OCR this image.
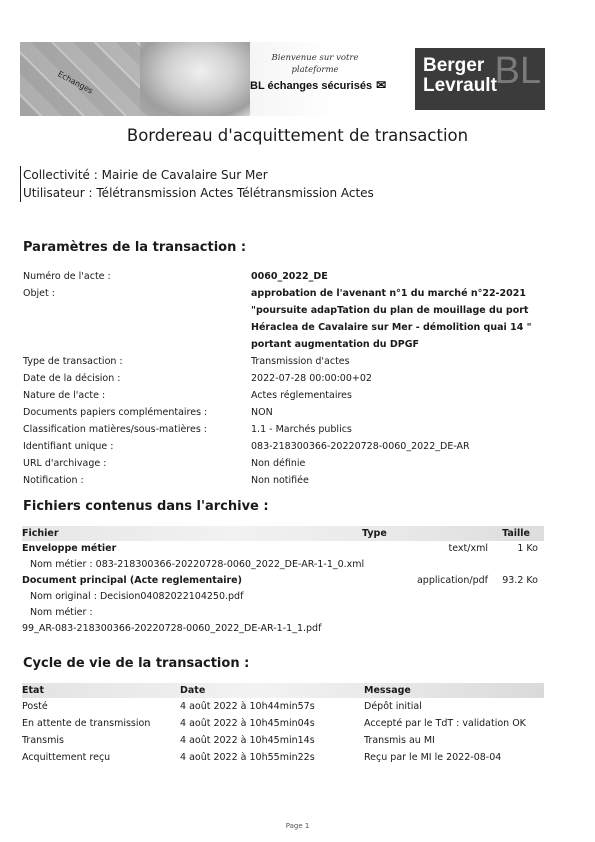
Echanges
Bienvenue sur votre plateforme
BL échanges sécurisés ✉	BL
Berger
Levrault
Bordereau d'acquittement de transaction
Collectivité : Mairie de Cavalaire Sur Mer
Utilisateur : Télétransmission Actes Télétransmission Actes
Paramètres de la transaction :
Numéro de l'acte :	0060_2022_DE
Objet :	approbation de l'avenant n°1 du marché n°22-2021
"poursuite adapTation du plan de mouillage du port
Héraclea de Cavalaire sur Mer - démolition quai 14 "
portant augmentation du DPGF
Type de transaction :	Transmission d'actes
Date de la décision :	2022-07-28 00:00:00+02
Nature de l'acte :	Actes réglementaires
Documents papiers complémentaires :	NON
Classification matières/sous-matières :	1.1 - Marchés publics
Identifiant unique :	083-218300366-20220728-0060_2022_DE-AR
URL d'archivage :	Non définie
Notification :	Non notifiée
Fichiers contenus dans l'archive :
Fichier	Type	Taille
Enveloppe métier	text/xml	1 Ko
Nom métier : 083-218300366-20220728-0060_2022_DE-AR-1-1_0.xml
Document principal (Acte reglementaire)	application/pdf	93.2 Ko
Nom original : Decision04082022104250.pdf
Nom métier :
99_AR-083-218300366-20220728-0060_2022_DE-AR-1-1_1.pdf
Cycle de vie de la transaction :
Etat	Date	Message
Posté	4 août 2022 à 10h44min57s	Dépôt initial
En attente de transmission	4 août 2022 à 10h45min04s	Accepté par le TdT : validation OK
Transmis	4 août 2022 à 10h45min14s	Transmis au MI
Acquittement reçu	4 août 2022 à 10h55min22s	Reçu par le MI le 2022-08-04
Page 1
